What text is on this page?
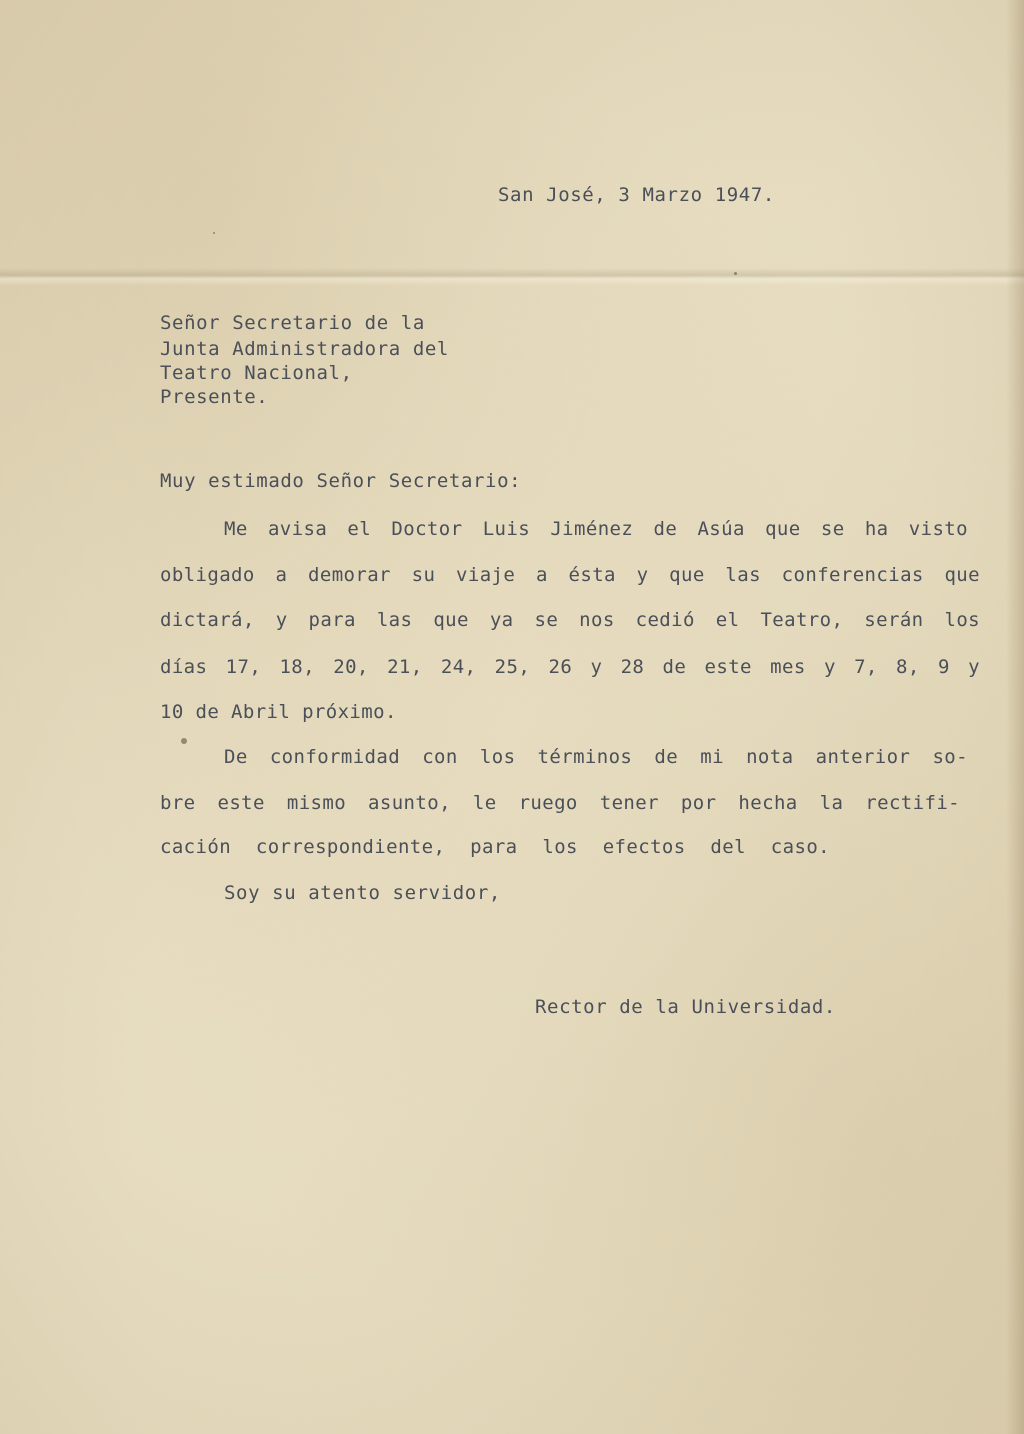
San José, 3 Marzo 1947.
Señor Secretario de la
Junta Administradora del
Teatro Nacional,
Presente.
Muy estimado Señor Secretario:
Me avisa el Doctor Luis Jiménez de Asúa que se ha visto
obligado a demorar su viaje a ésta y que las conferencias que
dictará, y para las que ya se nos cedió el Teatro, serán los
días 17, 18, 20, 21, 24, 25, 26 y 28 de este mes y 7, 8, 9 y
10 de Abril próximo.
De conformidad con los términos de mi nota anterior so-
bre este mismo asunto, le ruego tener por hecha la rectifi-
cación correspondiente, para los efectos del caso.
Soy su atento servidor,
Rector de la Universidad.
